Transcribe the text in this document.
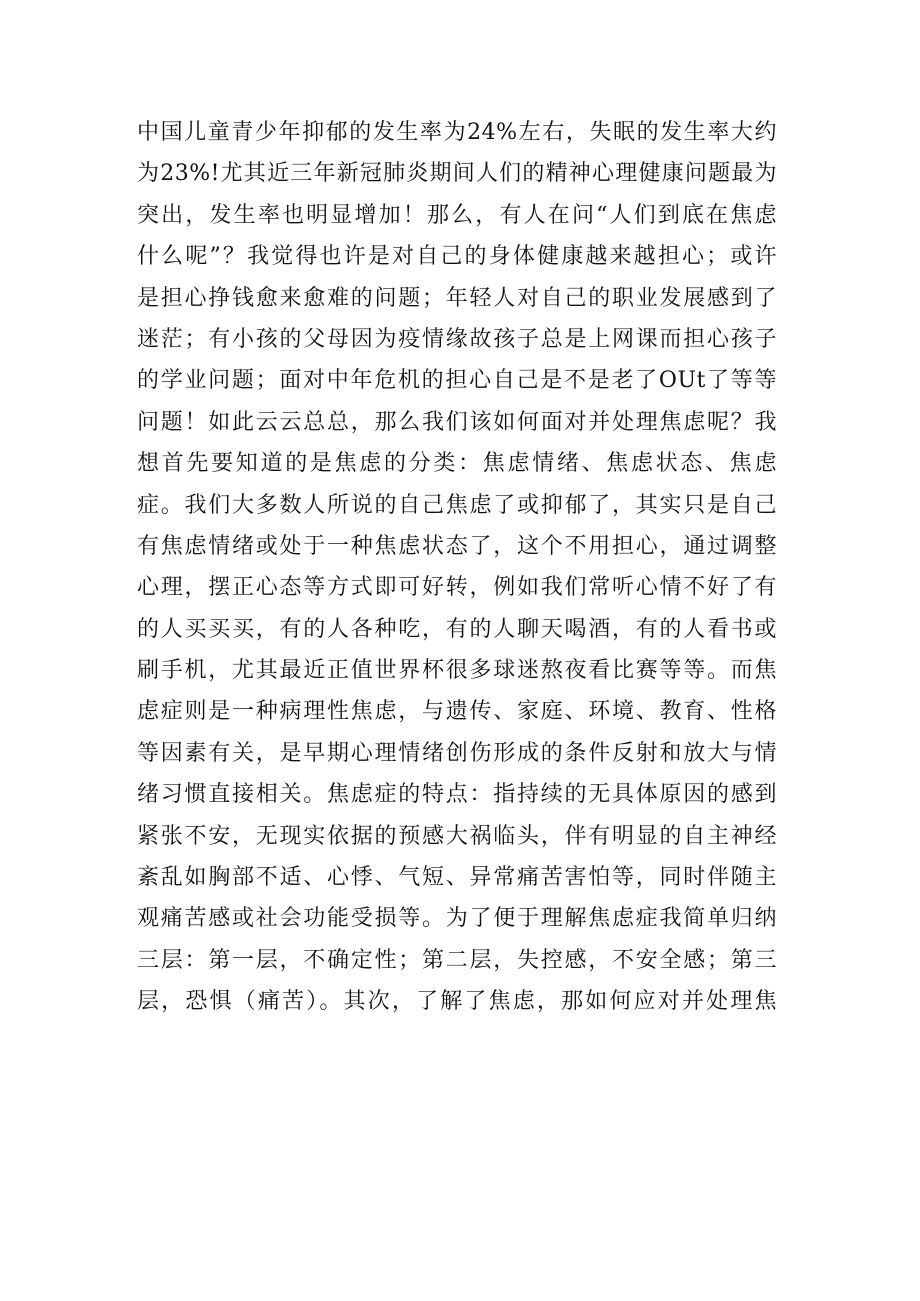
中国儿童青少年抑郁的发生率为24%左右，失眠的发生率大约
为23%!尤其近三年新冠肺炎期间人们的精神心理健康问题最为
突出，发生率也明显增加！那么，有人在问“人们到底在焦虑
什么呢”？我觉得也许是对自己的身体健康越来越担心；或许
是担心挣钱愈来愈难的问题；年轻人对自己的职业发展感到了
迷茫；有小孩的父母因为疫情缘故孩子总是上网课而担心孩子
的学业问题；面对中年危机的担心自己是不是老了OUt了等等
问题！如此云云总总，那么我们该如何面对并处理焦虑呢？我
想首先要知道的是焦虑的分类：焦虑情绪、焦虑状态、焦虑
症。我们大多数人所说的自己焦虑了或抑郁了，其实只是自己
有焦虑情绪或处于一种焦虑状态了，这个不用担心，通过调整
心理，摆正心态等方式即可好转，例如我们常听心情不好了有
的人买买买，有的人各种吃，有的人聊天喝酒，有的人看书或
刷手机，尤其最近正值世界杯很多球迷熬夜看比赛等等。而焦
虑症则是一种病理性焦虑，与遗传、家庭、环境、教育、性格
等因素有关，是早期心理情绪创伤形成的条件反射和放大与情
绪习惯直接相关。焦虑症的特点：指持续的无具体原因的感到
紧张不安，无现实依据的预感大祸临头，伴有明显的自主神经
紊乱如胸部不适、心悸、气短、异常痛苦害怕等，同时伴随主
观痛苦感或社会功能受损等。为了便于理解焦虑症我简单归纳
三层：第一层，不确定性；第二层，失控感，不安全感；第三
层，恐惧（痛苦）。其次，了解了焦虑，那如何应对并处理焦
